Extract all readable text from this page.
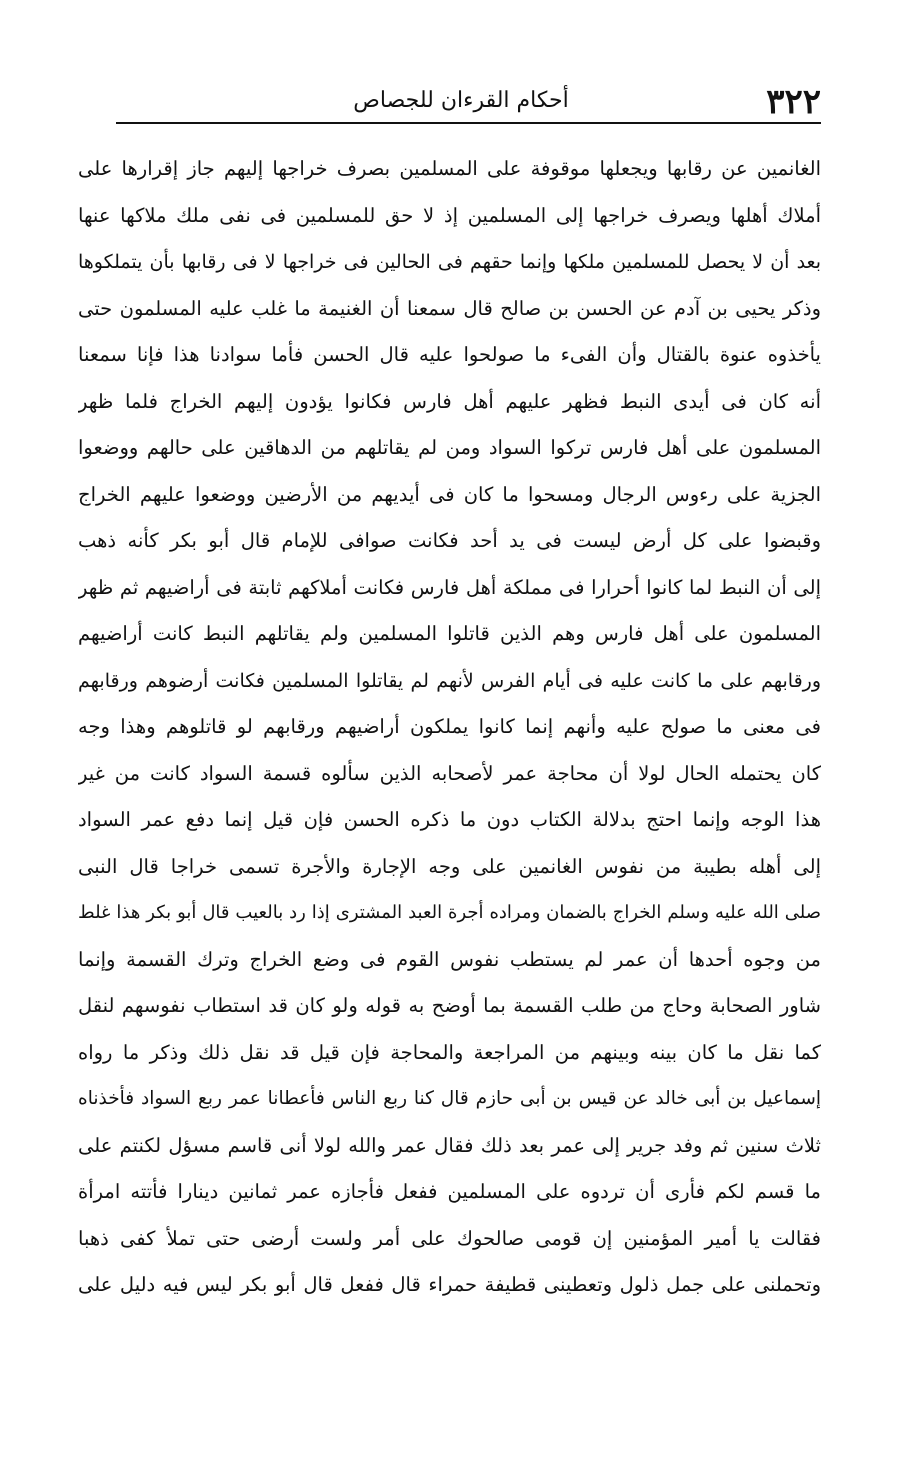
٣٢٢
أحكام القرءان للجصاص
الغانمين عن رقابها ويجعلها موقوفة على المسلمين بصرف خراجها إليهم جاز إقرارها على
أملاك أهلها ويصرف خراجها إلى المسلمين إذ لا حق للمسلمين فى نفى ملك ملاكها عنها
بعد أن لا يحصل للمسلمين ملكها وإنما حقهم فى الحالين فى خراجها لا فى رقابها بأن يتملكوها
وذكر يحيى بن آدم عن الحسن بن صالح قال سمعنا أن الغنيمة ما غلب عليه المسلمون حتى
يأخذوه عنوة بالقتال وأن الفىء ما صولحوا عليه قال الحسن فأما سوادنا هذا فإنا سمعنا
أنه كان فى أيدى النبط فظهر عليهم أهل فارس فكانوا يؤدون إليهم الخراج فلما ظهر
المسلمون على أهل فارس تركوا السواد ومن لم يقاتلهم من الدهاقين على حالهم ووضعوا
الجزية على رءوس الرجال ومسحوا ما كان فى أيديهم من الأرضين ووضعوا عليهم الخراج
وقبضوا على كل أرض ليست فى يد أحد فكانت صوافى للإمام قال أبو بكر كأنه ذهب
إلى أن النبط لما كانوا أحرارا فى مملكة أهل فارس فكانت أملاكهم ثابتة فى أراضيهم ثم ظهر
المسلمون على أهل فارس وهم الذين قاتلوا المسلمين ولم يقاتلهم النبط كانت أراضيهم
ورقابهم على ما كانت عليه فى أيام الفرس لأنهم لم يقاتلوا المسلمين فكانت أرضوهم ورقابهم
فى معنى ما صولح عليه وأنهم إنما كانوا يملكون أراضيهم ورقابهم لو قاتلوهم وهذا وجه
كان يحتمله الحال لولا أن محاجة عمر لأصحابه الذين سألوه قسمة السواد كانت من غير
هذا الوجه وإنما احتج بدلالة الكتاب دون ما ذكره الحسن فإن قيل إنما دفع عمر السواد
إلى أهله بطيبة من نفوس الغانمين على وجه الإجارة والأجرة تسمى خراجا قال النبى
صلى الله عليه وسلم الخراج بالضمان ومراده أجرة العبد المشترى إذا رد بالعيب قال أبو بكر هذا غلط
من وجوه أحدها أن عمر لم يستطب نفوس القوم فى وضع الخراج وترك القسمة وإنما
شاور الصحابة وحاج من طلب القسمة بما أوضح به قوله ولو كان قد استطاب نفوسهم لنقل
كما نقل ما كان بينه وبينهم من المراجعة والمحاجة فإن قيل قد نقل ذلك وذكر ما رواه
إسماعيل بن أبى خالد عن قيس بن أبى حازم قال كنا ربع الناس فأعطانا عمر ربع السواد فأخذناه
ثلاث سنين ثم وفد جرير إلى عمر بعد ذلك فقال عمر والله لولا أنى قاسم مسؤل لكنتم على
ما قسم لكم فأرى أن تردوه على المسلمين ففعل فأجازه عمر ثمانين دينارا فأتته امرأة
فقالت يا أمير المؤمنين إن قومى صالحوك على أمر ولست أرضى حتى تملأ كفى ذهبا
وتحملنى على جمل ذلول وتعطينى قطيفة حمراء قال ففعل قال أبو بكر ليس فيه دليل على
